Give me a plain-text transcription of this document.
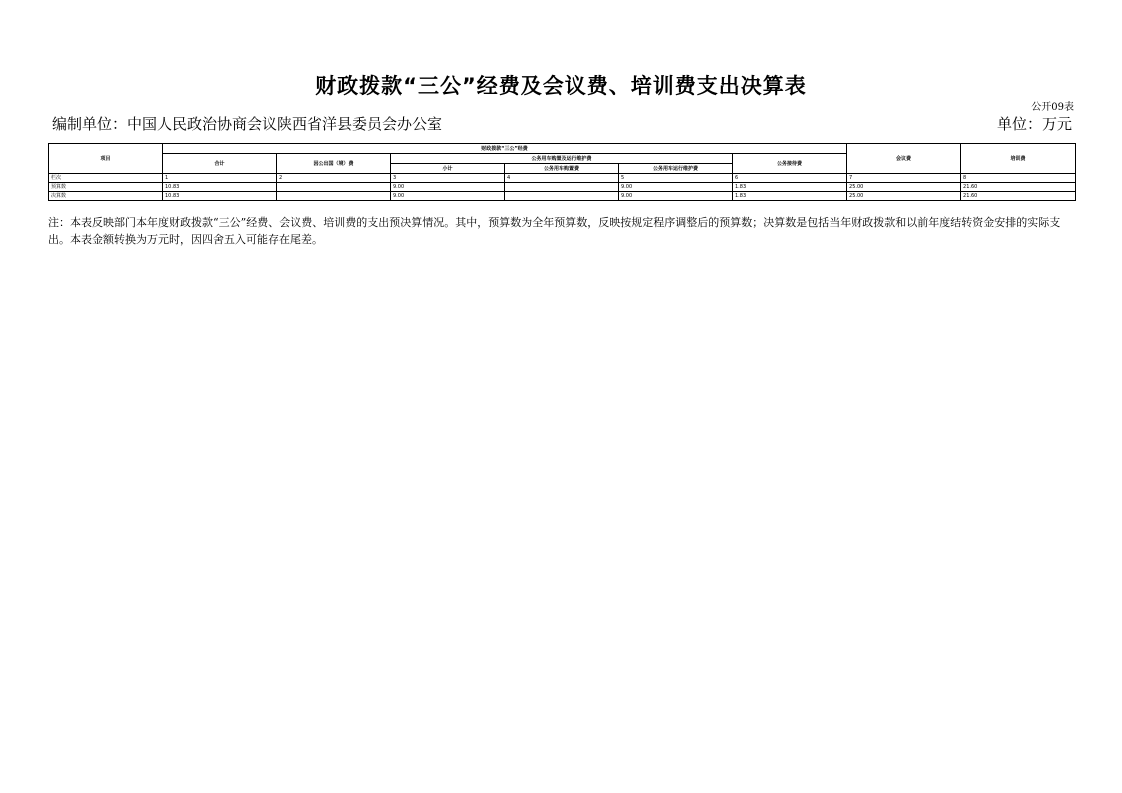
财政拨款“三公”经费及会议费、培训费支出决算表
公开09表
编制单位：中国人民政治协商会议陕西省洋县委员会办公室	单位：万元
项目	财政拨款“三公”经费						会议费	培训费
	合计	因公出国（境）费	公务用车购置及运行维护费			公务接待费		
			小计	公务用车购置费	公务用车运行维护费			
栏次	1	2	3	4	5	6	7	8
预算数	10.83		9.00		9.00	1.83	25.00	21.60
决算数	10.83		9.00		9.00	1.83	25.00	21.60
注：本表反映部门本年度财政拨款“三公”经费、会议费、培训费的支出预决算情况。其中，预算数为全年预算数，反映按规定程序调整后的预算数；决算数是包括当年财政拨款和以前年度结转资金安排的实际支出。本表金额转换为万元时，因四舍五入可能存在尾差。
